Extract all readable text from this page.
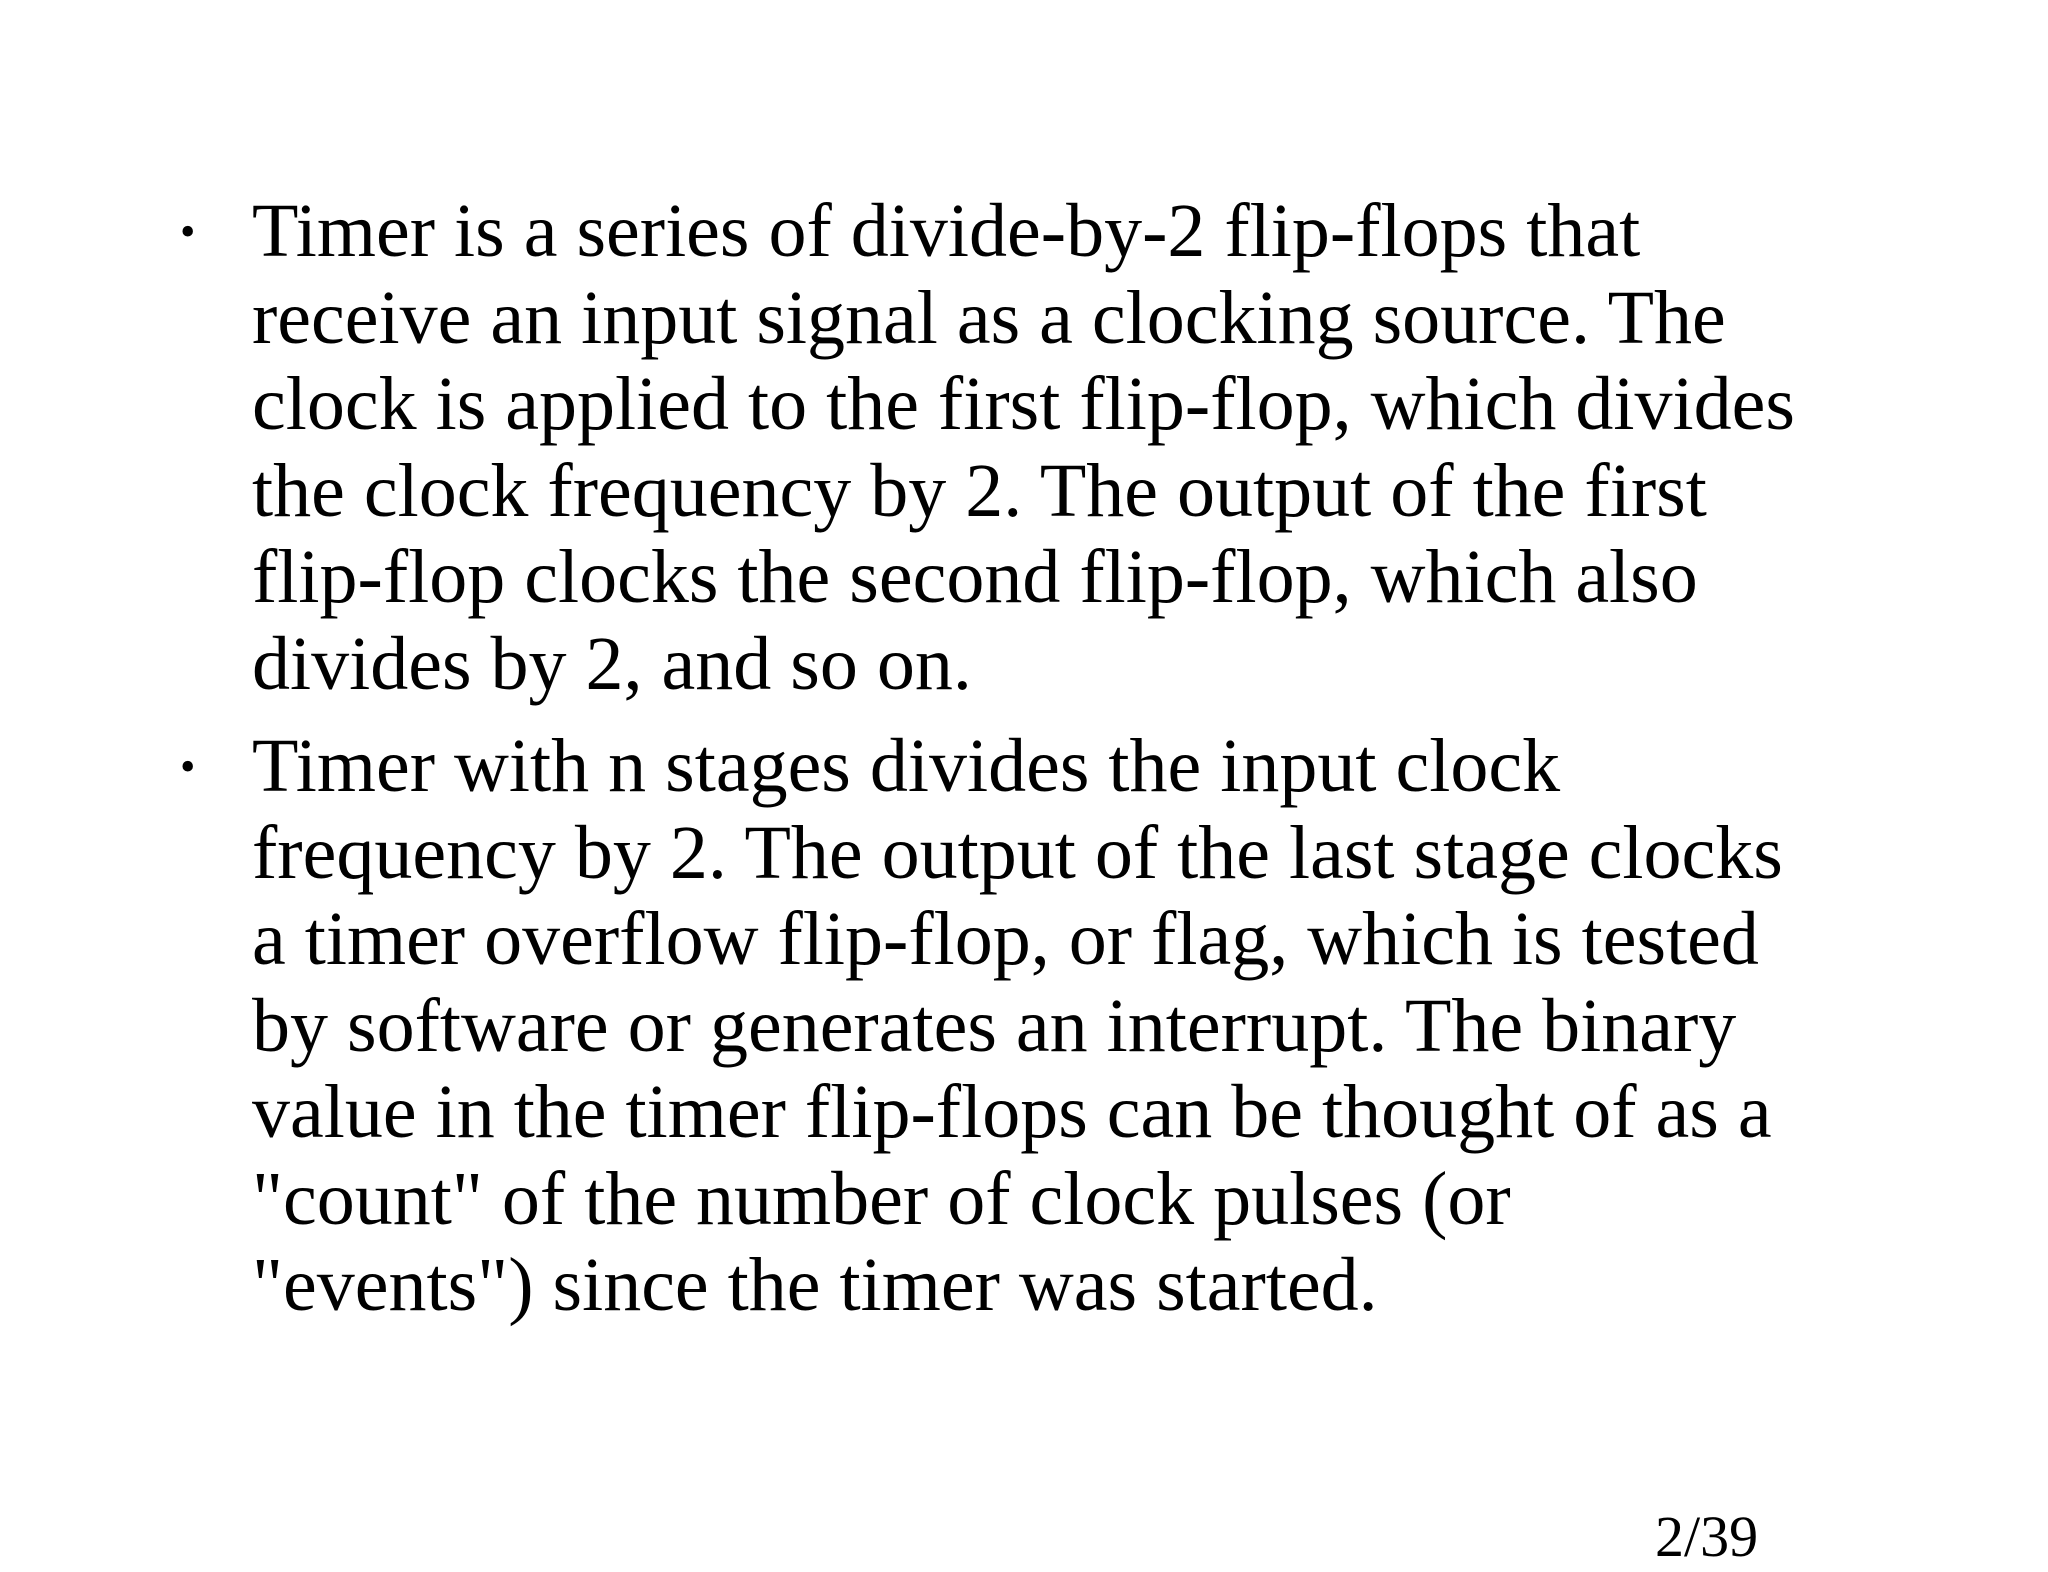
• Timer is a series of divide-by-2 flip-flops that
receive an input signal as a clocking source. The
clock is applied to the first flip-flop, which divides
the clock frequency by 2. The output of the first
flip-flop clocks the second flip-flop, which also
divides by 2, and so on.
• Timer with n stages divides the input clock
frequency by 2. The output of the last stage clocks
a timer overflow flip-flop, or flag, which is tested
by software or generates an interrupt. The binary
value in the timer flip-flops can be thought of as a
"count" of the number of clock pulses (or
"events") since the timer was started.
2/39
